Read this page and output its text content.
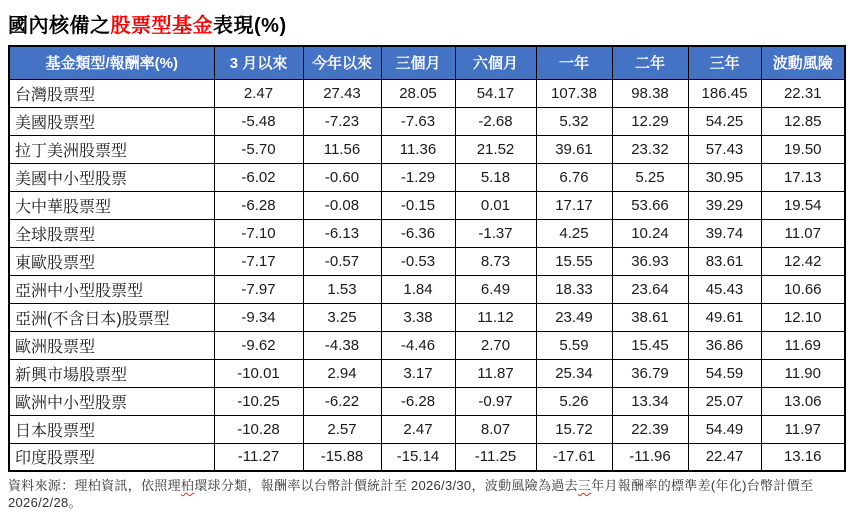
國內核備之股票型基金表現(%)
基金類型/報酬率(%)	3 月以來	今年以來	三個月	六個月	一年	二年	三年	波動風險
台灣股票型	2.47	27.43	28.05	54.17	107.38	98.38	186.45	22.31
美國股票型	-5.48	-7.23	-7.63	-2.68	5.32	12.29	54.25	12.85
拉丁美洲股票型	-5.70	11.56	11.36	21.52	39.61	23.32	57.43	19.50
美國中小型股票	-6.02	-0.60	-1.29	5.18	6.76	5.25	30.95	17.13
大中華股票型	-6.28	-0.08	-0.15	0.01	17.17	53.66	39.29	19.54
全球股票型	-7.10	-6.13	-6.36	-1.37	4.25	10.24	39.74	11.07
東歐股票型	-7.17	-0.57	-0.53	8.73	15.55	36.93	83.61	12.42
亞洲中小型股票型	-7.97	1.53	1.84	6.49	18.33	23.64	45.43	10.66
亞洲(不含日本)股票型	-9.34	3.25	3.38	11.12	23.49	38.61	49.61	12.10
歐洲股票型	-9.62	-4.38	-4.46	2.70	5.59	15.45	36.86	11.69
新興市場股票型	-10.01	2.94	3.17	11.87	25.34	36.79	54.59	11.90
歐洲中小型股票	-10.25	-6.22	-6.28	-0.97	5.26	13.34	25.07	13.06
日本股票型	-10.28	2.57	2.47	8.07	15.72	22.39	54.49	11.97
印度股票型	-11.27	-15.88	-15.14	-11.25	-17.61	-11.96	22.47	13.16

資料來源：理柏資訊，依照理柏環球分類，報酬率以台幣計價統計至 2026/3/30，波動風險為過去三年月報酬率的標準差(年化)台幣計價至 2026/2/28。
